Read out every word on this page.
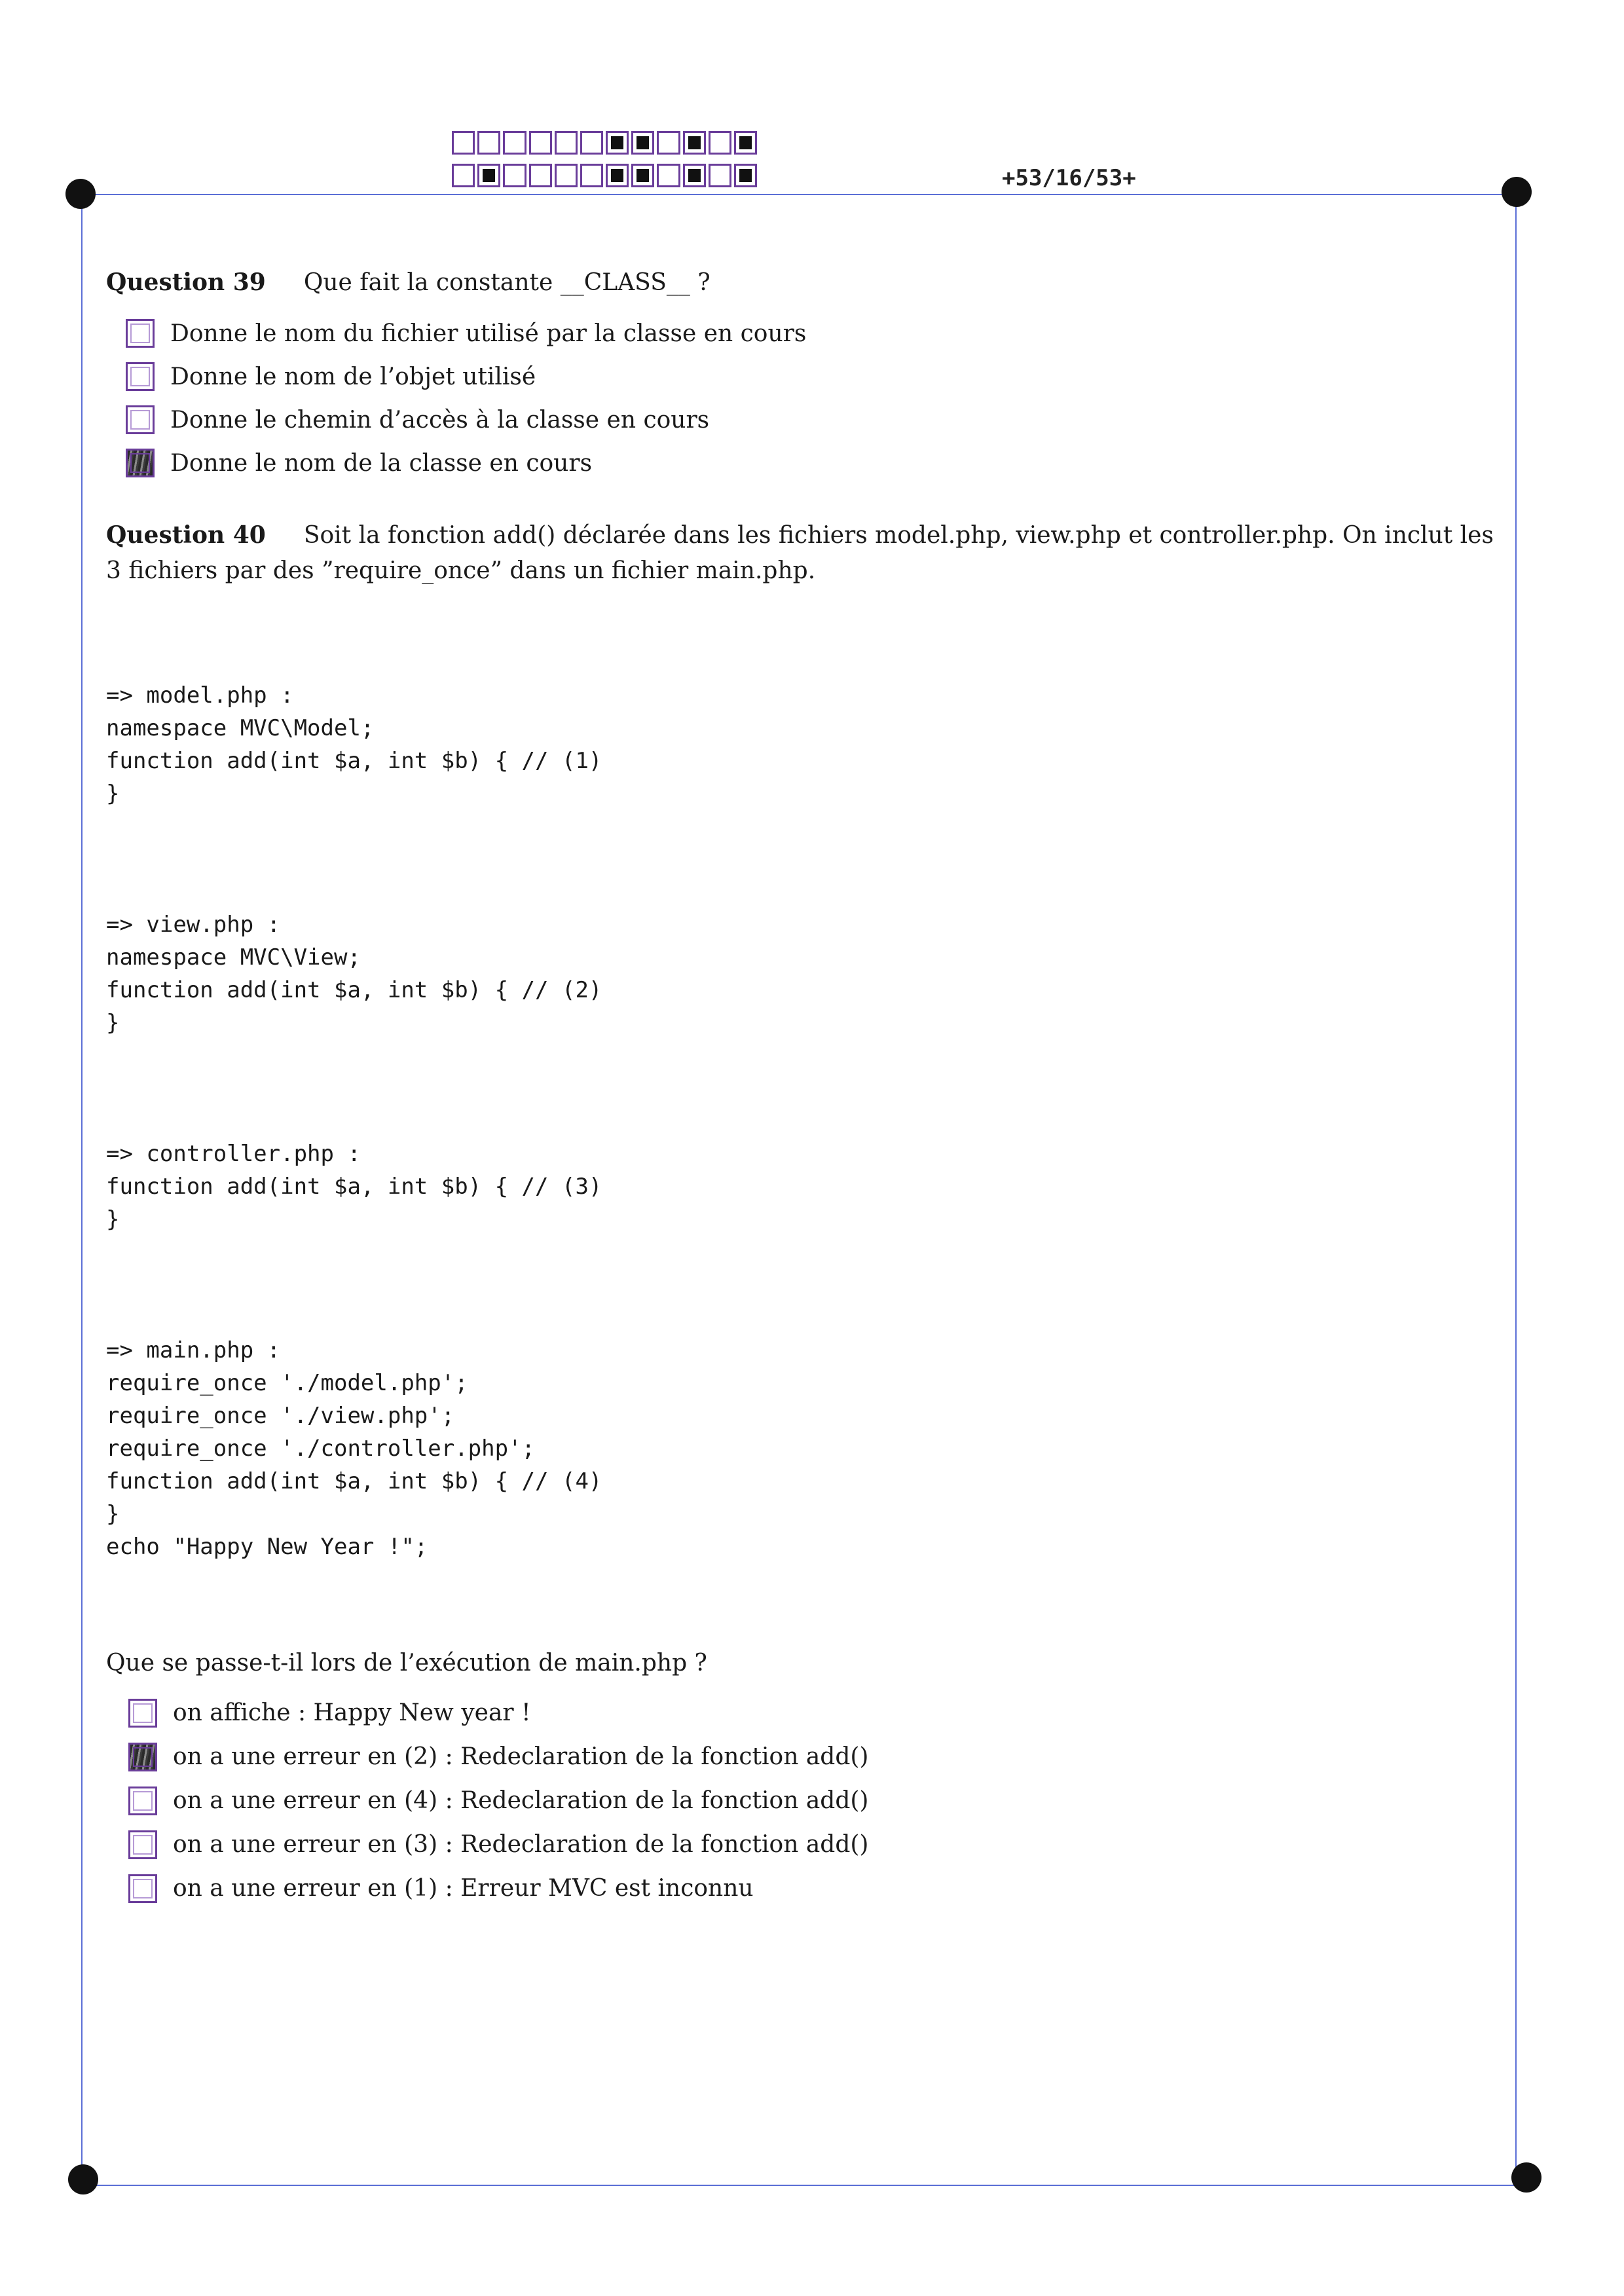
+53/16/53+
Question 39 Que fait la constante __CLASS__ ?
Donne le nom du fichier utilisé par la classe en cours
Donne le nom de l’objet utilisé
Donne le chemin d’accès à la classe en cours
Donne le nom de la classe en cours
Question 40 Soit la fonction add() déclarée dans les fichiers model.php, view.php et controller.php. On inclut les 3 fichiers par des ”require_once” dans un fichier main.php.

=> model.php :
namespace MVC\Model;
function add(int $a, int $b) { // (1)
}

=> view.php :
namespace MVC\View;
function add(int $a, int $b) { // (2)
}

=> controller.php :
function add(int $a, int $b) { // (3)
}

=> main.php :
require_once './model.php';
require_once './view.php';
require_once './controller.php';
function add(int $a, int $b) { // (4)
}
echo "Happy New Year !";

Que se passe-t-il lors de l’exécution de main.php ?
on affiche : Happy New year !
on a une erreur en (2) : Redeclaration de la fonction add()
on a une erreur en (4) : Redeclaration de la fonction add()
on a une erreur en (3) : Redeclaration de la fonction add()
on a une erreur en (1) : Erreur MVC est inconnu
